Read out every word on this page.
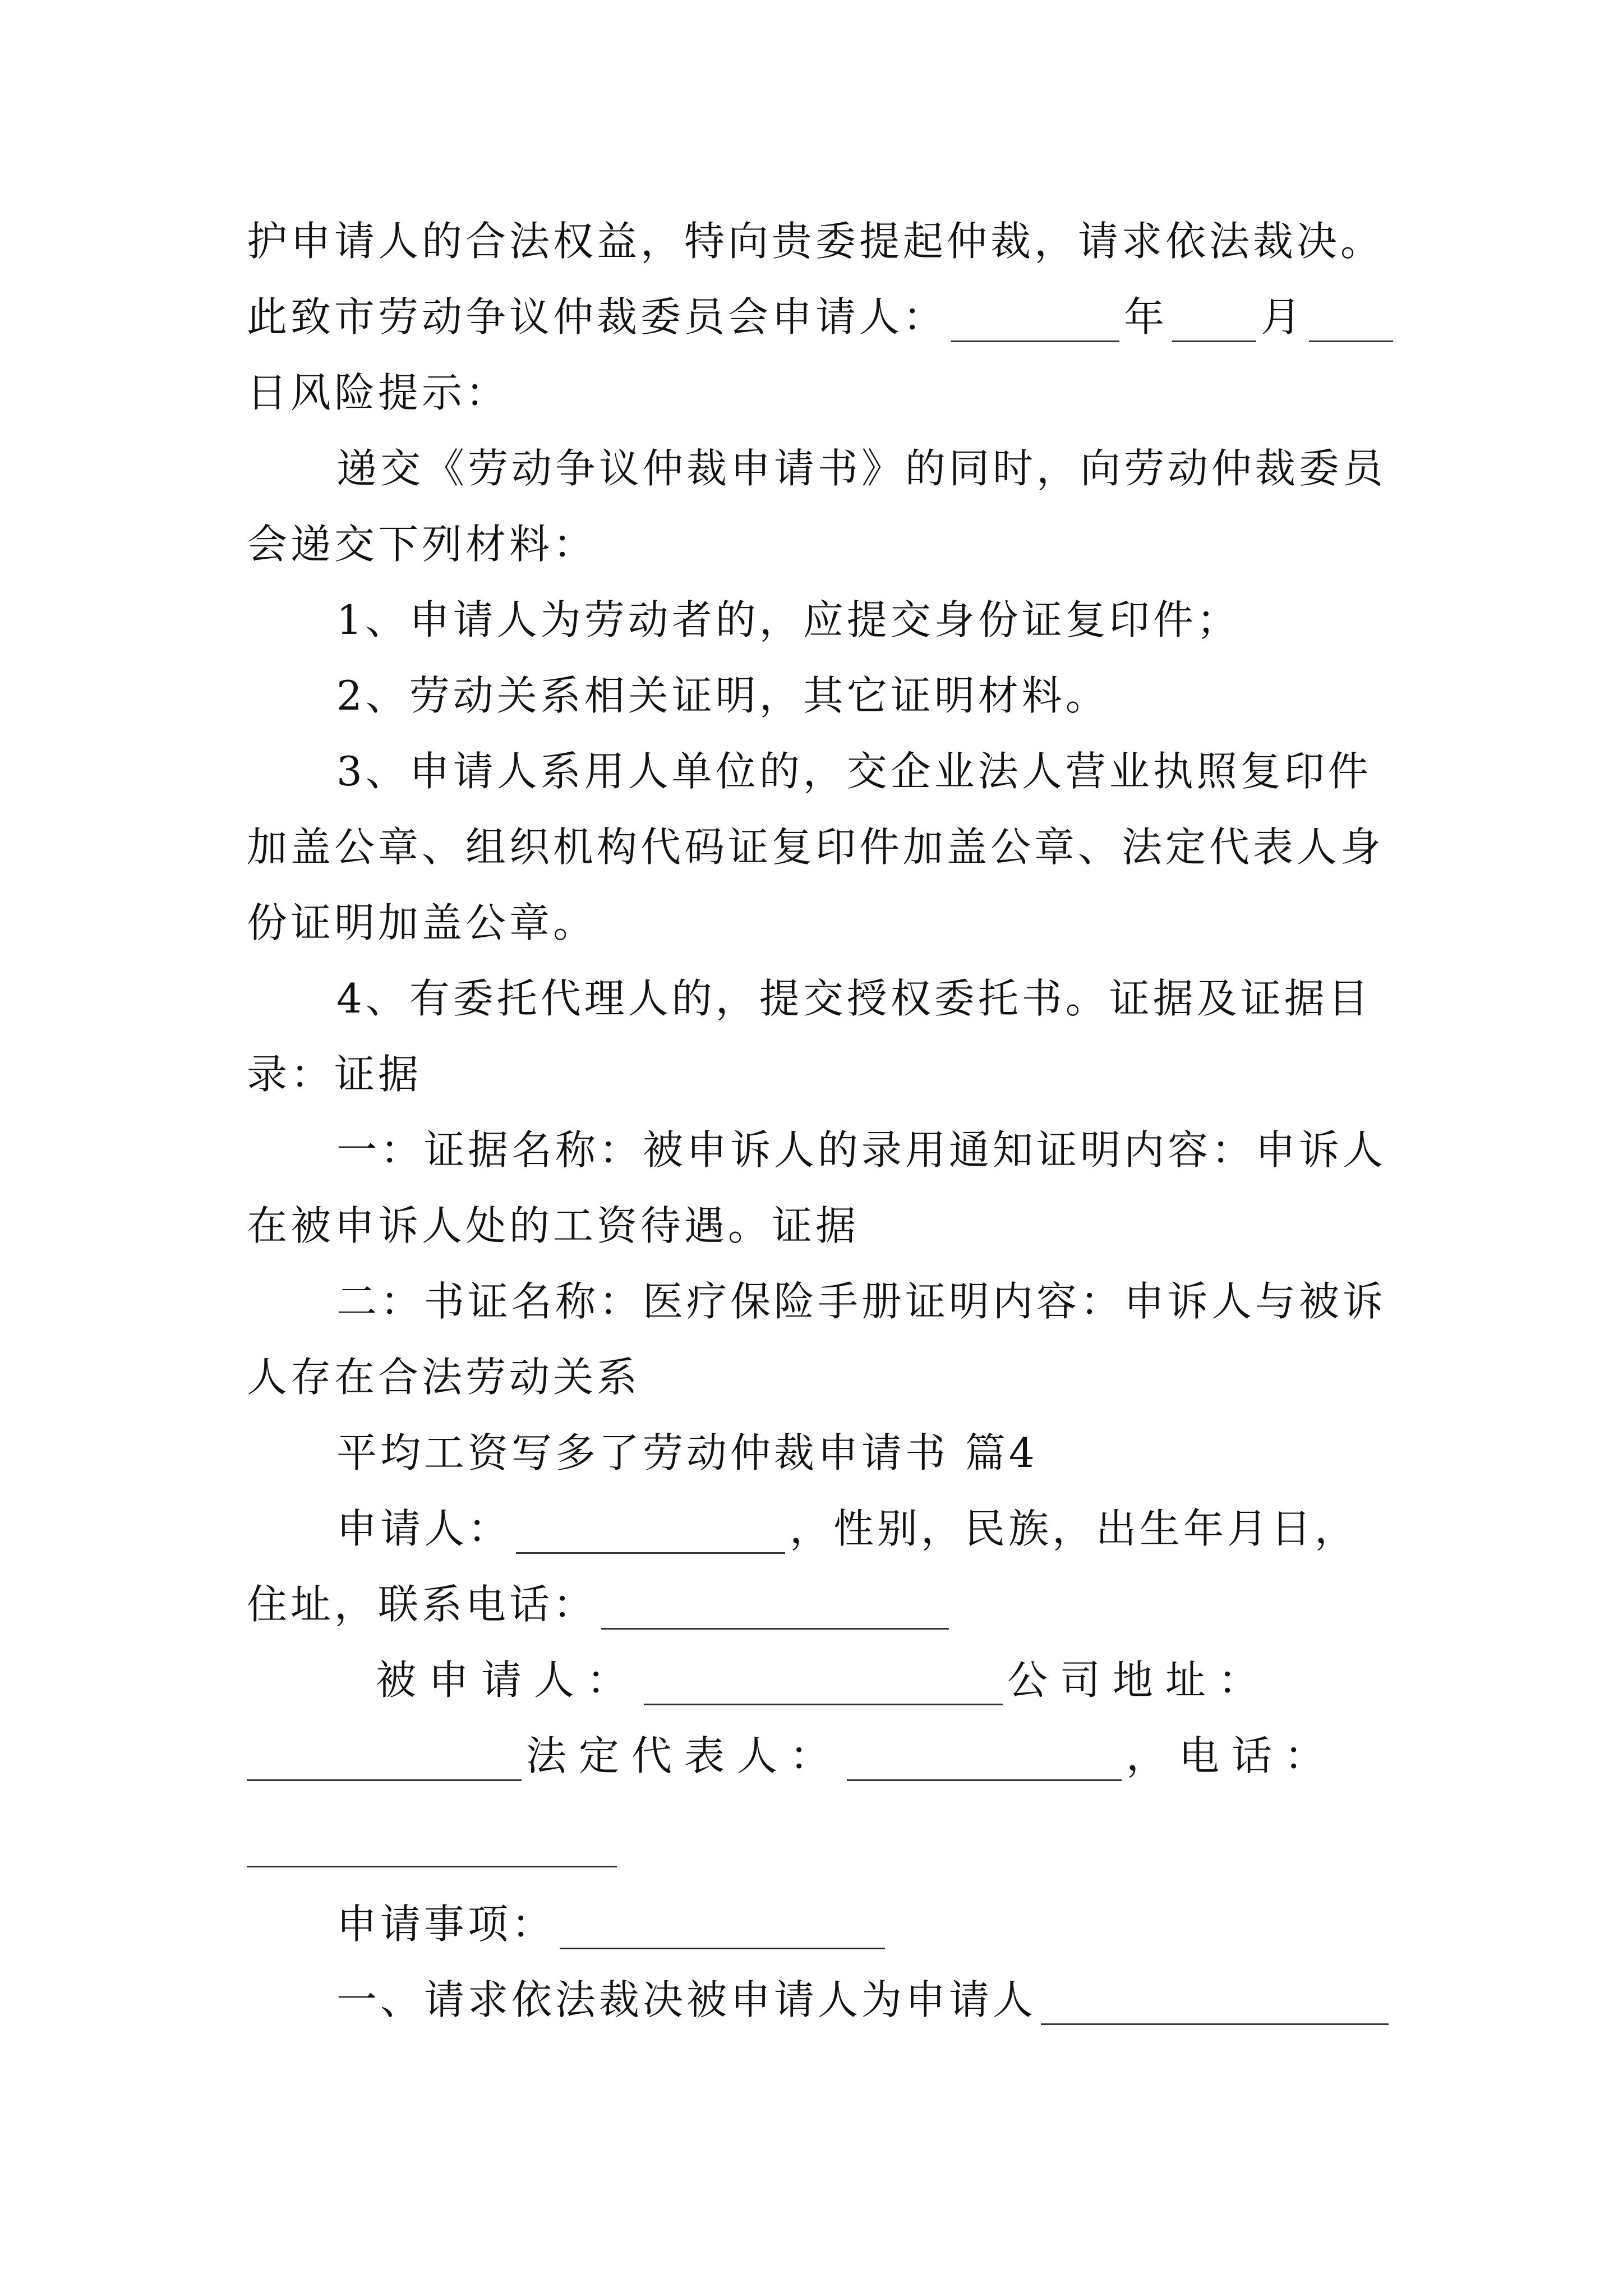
护申请人的合法权益，特向贵委提起仲裁，请求依法裁决。
此致市劳动争议仲裁委员会申请人：	年 月
日风险提示：
递交《劳动争议仲裁申请书》的同时，向劳动仲裁委员
会递交下列材料：
1、申请人为劳动者的，应提交身份证复印件；
2、劳动关系相关证明，其它证明材料。
3、申请人系用人单位的，交企业法人营业执照复印件
加盖公章、组织机构代码证复印件加盖公章、法定代表人身
份证明加盖公章。
4、有委托代理人的，提交授权委托书。证据及证据目
录：证据
一：证据名称：被申诉人的录用通知证明内容：申诉人
在被申诉人处的工资待遇。证据
二：书证名称：医疗保险手册证明内容：申诉人与被诉
人存在合法劳动关系
平均工资写多了劳动仲裁申请书 篇4
申请人：	，性别，民族，出生年月日，
住址，联系电话：
被申请人：	公司地址：
法定代表人：	，电话：
申请事项：
一、请求依法裁决被申请人为申请人
